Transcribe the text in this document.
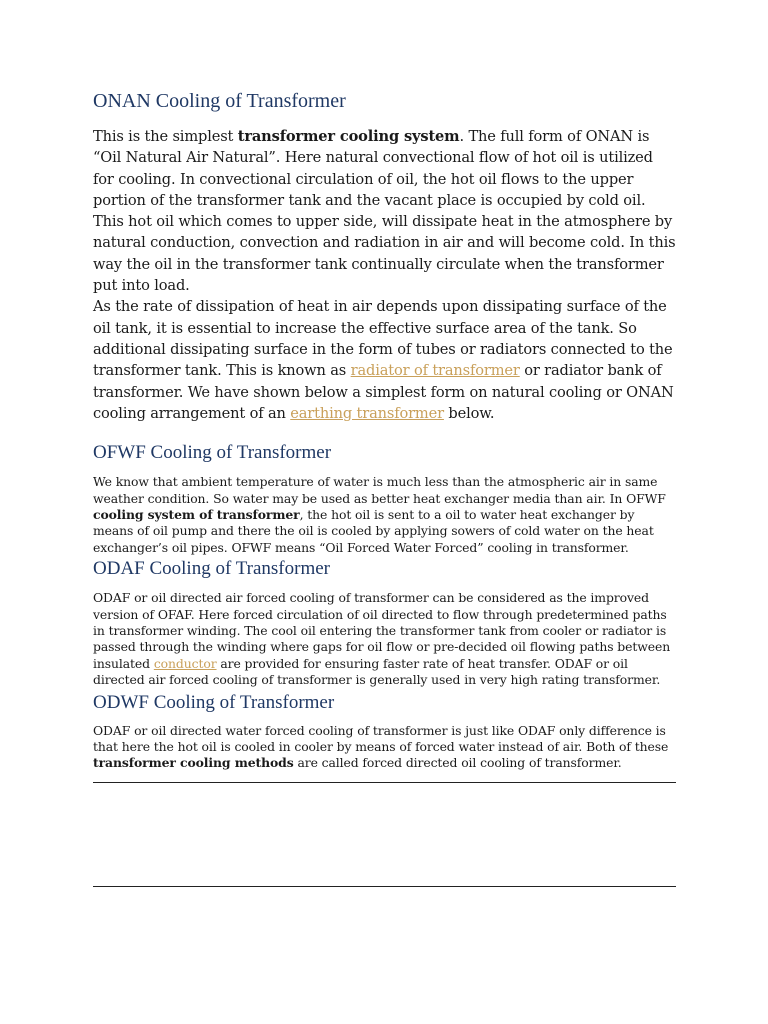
ONAN Cooling of Transformer

This is the simplest transformer cooling system. The full form of ONAN is “Oil Natural Air Natural”. Here natural convectional flow of hot oil is utilized for cooling. In convectional circulation of oil, the hot oil flows to the upper portion of the transformer tank and the vacant place is occupied by cold oil. This hot oil which comes to upper side, will dissipate heat in the atmosphere by natural conduction, convection and radiation in air and will become cold. In this way the oil in the transformer tank continually circulate when the transformer put into load.

As the rate of dissipation of heat in air depends upon dissipating surface of the oil tank, it is essential to increase the effective surface area of the tank. So additional dissipating surface in the form of tubes or radiators connected to the transformer tank. This is known as radiator of transformer or radiator bank of transformer. We have shown below a simplest form on natural cooling or ONAN cooling arrangement of an earthing transformer below.

OFWF Cooling of Transformer

We know that ambient temperature of water is much less than the atmospheric air in same weather condition. So water may be used as better heat exchanger media than air. In OFWF cooling system of transformer, the hot oil is sent to a oil to water heat exchanger by means of oil pump and there the oil is cooled by applying sowers of cold water on the heat exchanger’s oil pipes. OFWF means “Oil Forced Water Forced” cooling in transformer.

ODAF Cooling of Transformer

ODAF or oil directed air forced cooling of transformer can be considered as the improved version of OFAF. Here forced circulation of oil directed to flow through predetermined paths in transformer winding. The cool oil entering the transformer tank from cooler or radiator is passed through the winding where gaps for oil flow or pre-decided oil flowing paths between insulated conductor are provided for ensuring faster rate of heat transfer. ODAF or oil directed air forced cooling of transformer is generally used in very high rating transformer.

ODWF Cooling of Transformer

ODAF or oil directed water forced cooling of transformer is just like ODAF only difference is that here the hot oil is cooled in cooler by means of forced water instead of air. Both of these transformer cooling methods are called forced directed oil cooling of transformer.
